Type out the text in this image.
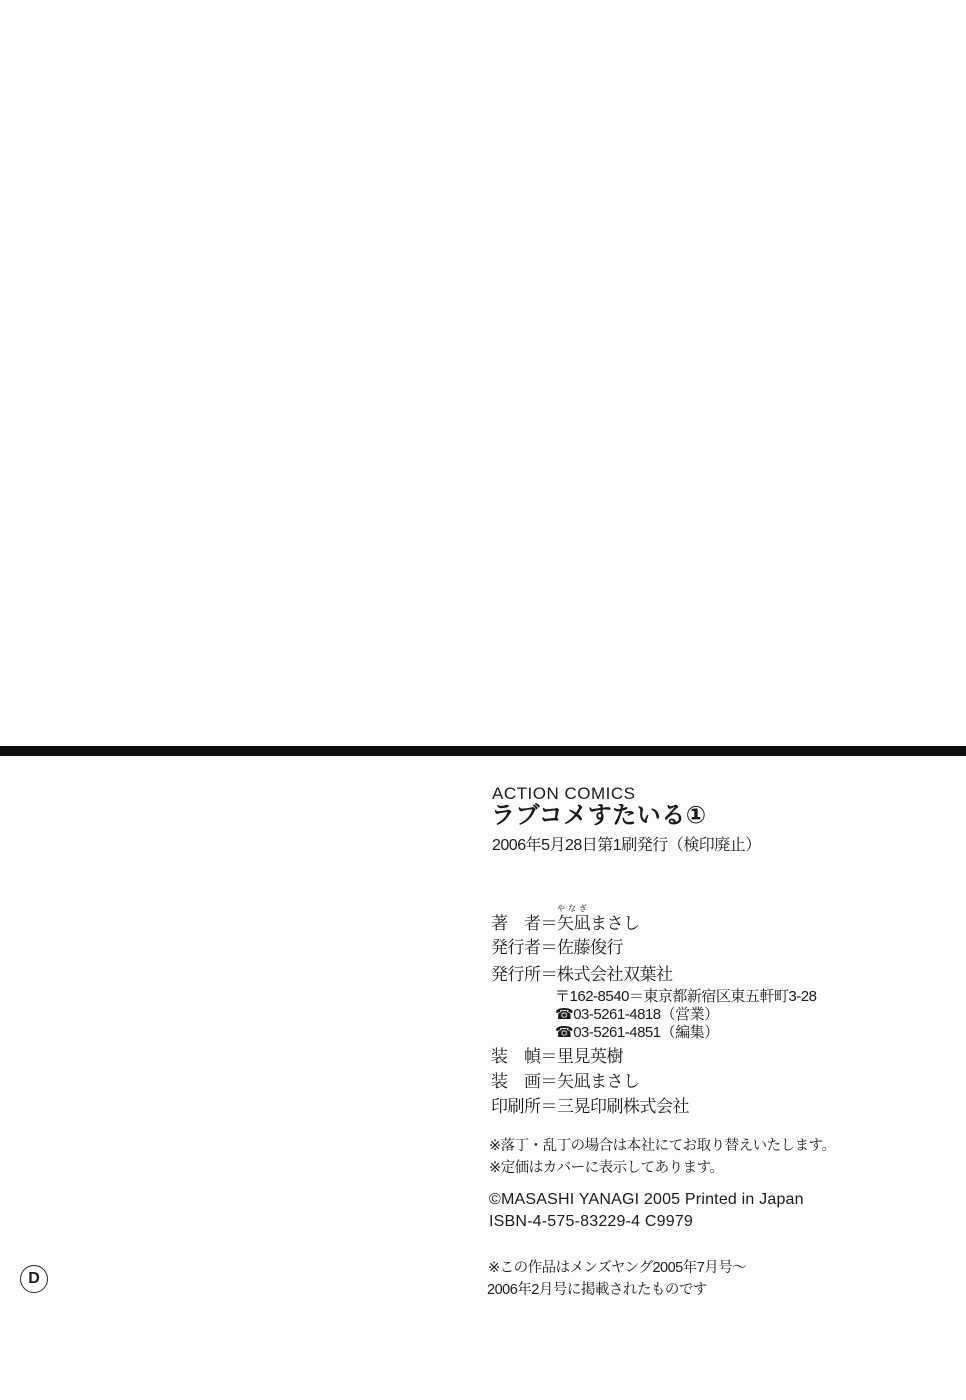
ACTION COMICS
ラブコメすたいる①
2006年5月28日第1刷発行（検印廃止）
著　者＝
やなぎ
矢凪まさし
発行者＝佐藤俊行
発行所＝株式会社双葉社
〒162-8540＝東京都新宿区東五軒町3-28
☎03-5261-4818（営業）
☎03-5261-4851（編集）
装　幀＝里見英樹
装　画＝矢凪まさし
印刷所＝三晃印刷株式会社
※落丁・乱丁の場合は本社にてお取り替えいたします。
※定価はカバーに表示してあります。
©MASASHI YANAGI 2005 Printed in Japan
ISBN-4-575-83229-4 C9979
※この作品はメンズヤング2005年7月号～
2006年2月号に掲載されたものです
D
